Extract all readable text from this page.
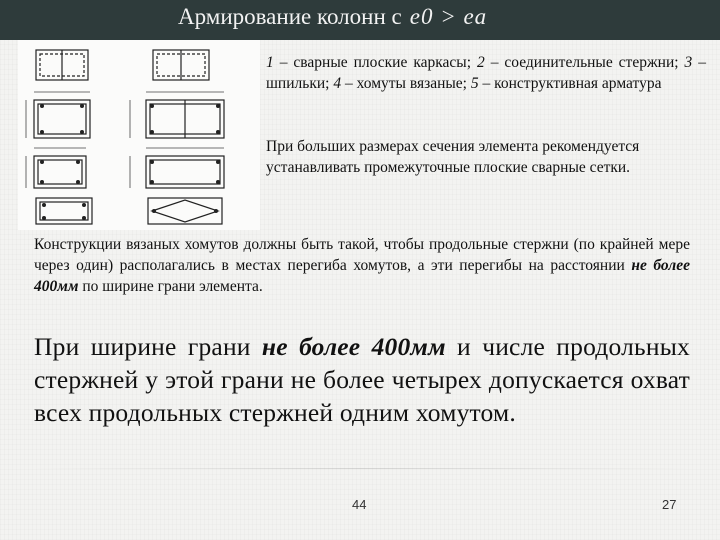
Армирование колонн с e0 > ea
1 – сварные плоские каркасы; 2 – соединительные стержни; 3 – шпильки; 4 – хомуты вязаные; 5 – конструктивная арматура
При больших размерах сечения элемента рекомендуется устанавливать промежуточные плоские сварные сетки.
Конструкции вязаных хомутов должны быть такой, чтобы продольные стержни (по крайней мере через один) располагались в местах перегиба хомутов, а эти перегибы на расстоянии не более 400мм по ширине грани элемента.
При ширине грани не более 400мм и числе продольных стержней у этой грани не более четырех допускается охват всех продольных стержней одним хомутом.
44	27
